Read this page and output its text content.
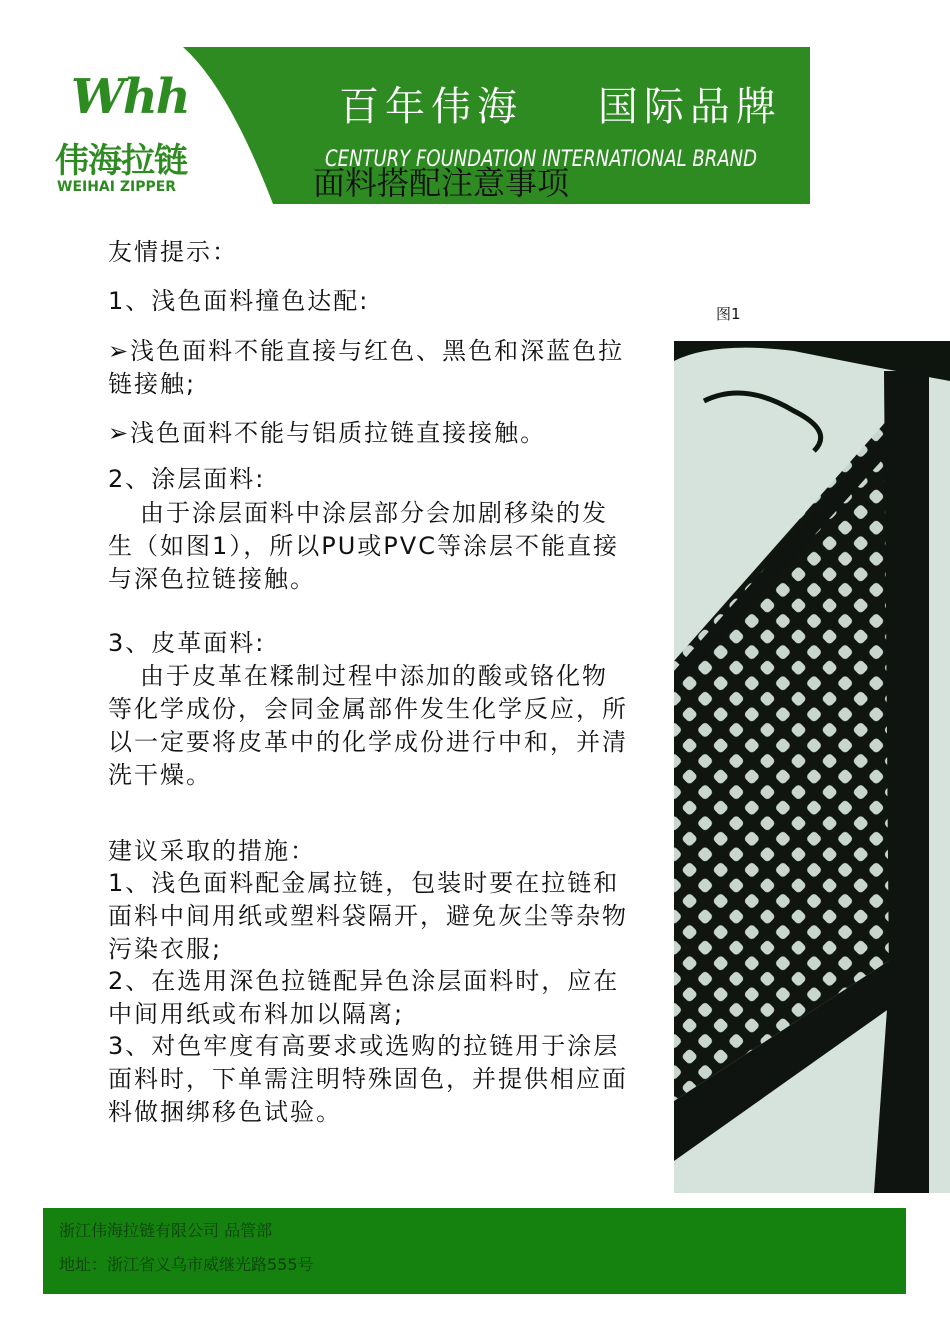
Whh
伟海拉链
WEIHAI ZIPPER
百年伟海    国际品牌
CENTURY FOUNDATION INTERNATIONAL BRAND
面料搭配注意事项

友情提示：

1、浅色面料撞色达配:

➢浅色面料不能直接与红色、黑色和深蓝色拉链接触;

➢浅色面料不能与铝质拉链直接接触。

2、涂层面料:

由于涂层面料中涂层部分会加剧移染的发生（如图1），所以PU或PVC等涂层不能直接与深色拉链接触。

3、皮革面料:

由于皮革在糅制过程中添加的酸或铬化物等化学成份，会同金属部件发生化学反应，所以一定要将皮革中的化学成份进行中和，并清洗干燥。

建议采取的措施：

1、浅色面料配金属拉链，包装时要在拉链和面料中间用纸或塑料袋隔开，避免灰尘等杂物污染衣服;

2、在选用深色拉链配异色涂层面料时，应在中间用纸或布料加以隔离;

3、对色牢度有高要求或选购的拉链用于涂层面料时，下单需注明特殊固色，并提供相应面料做捆绑移色试验。

图1
浙江伟海拉链有限公司 品管部
地址：浙江省义乌市威继光路555号
